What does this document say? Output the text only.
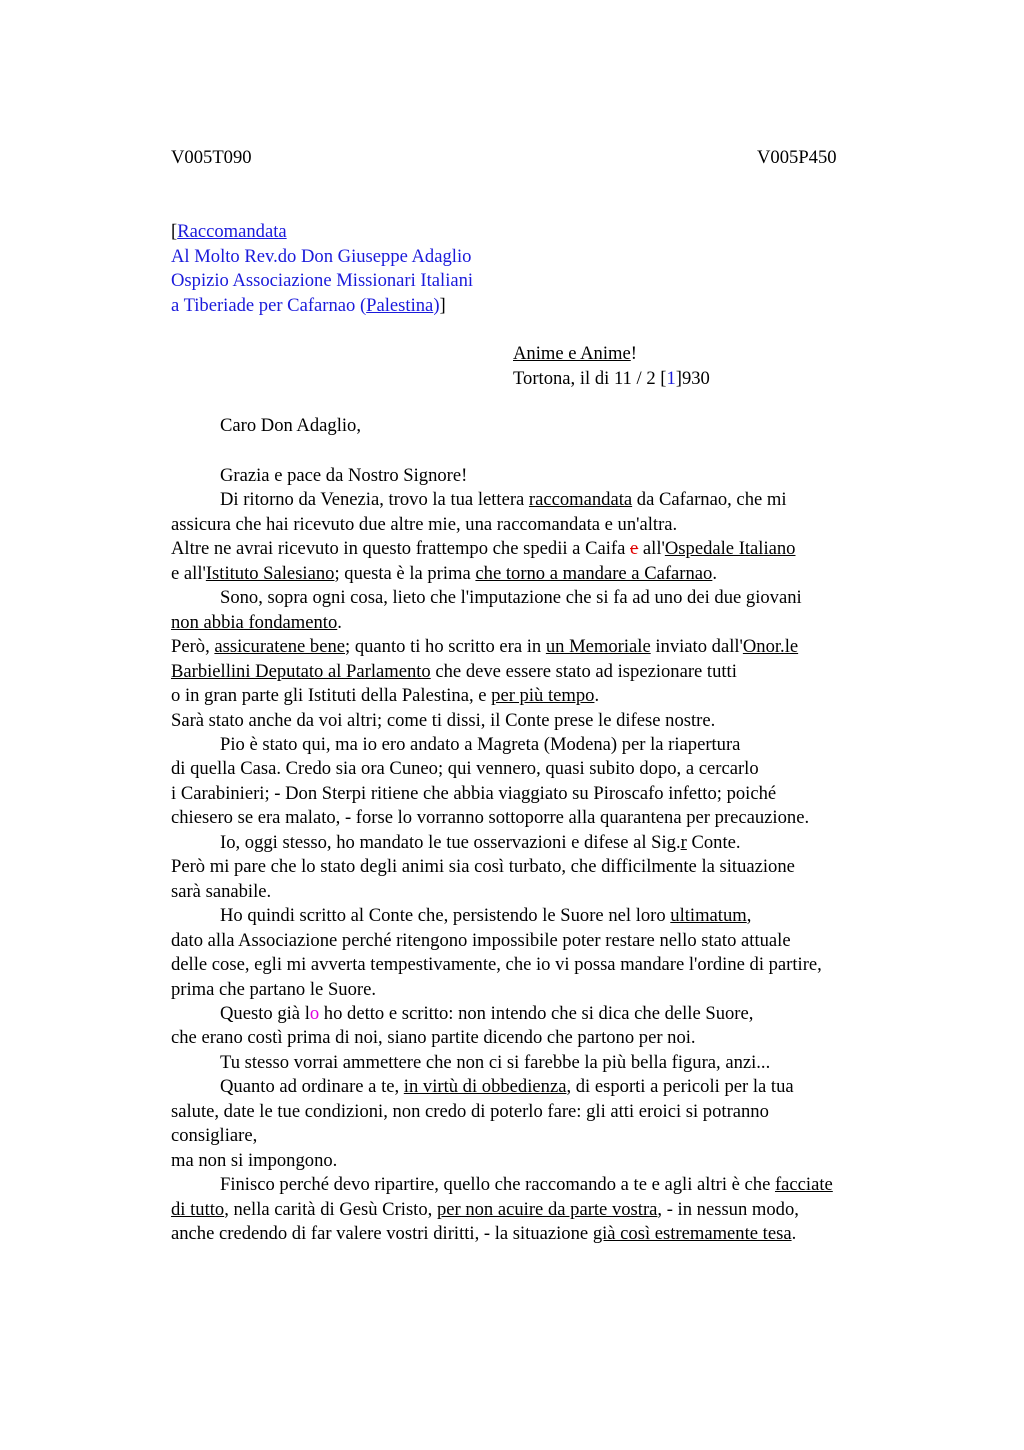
V005T090	V005P450
[Raccomandata
Al Molto Rev.do Don Giuseppe Adaglio
Ospizio Associazione Missionari Italiani
a Tiberiade per Cafarnao (Palestina)]
Anime e Anime!
Tortona, il di 11 / 2 [1]930
Caro Don Adaglio,
Grazia e pace da Nostro Signore!
Di ritorno da Venezia, trovo la tua lettera raccomandata da Cafarnao, che mi
assicura che hai ricevuto due altre mie, una raccomandata e un'altra.
Altre ne avrai ricevuto in questo frattempo che spedii a Caifa e all'Ospedale Italiano
e all'Istituto Salesiano; questa è la prima che torno a mandare a Cafarnao.
Sono, sopra ogni cosa, lieto che l'imputazione che si fa ad uno dei due giovani
non abbia fondamento.
Però, assicuratene bene; quanto ti ho scritto era in un Memoriale inviato dall'Onor.le
Barbiellini Deputato al Parlamento che deve essere stato ad ispezionare tutti
o in gran parte gli Istituti della Palestina, e per più tempo.
Sarà stato anche da voi altri; come ti dissi, il Conte prese le difese nostre.
Pio è stato qui, ma io ero andato a Magreta (Modena) per la riapertura
di quella Casa. Credo sia ora Cuneo; qui vennero, quasi subito dopo, a cercarlo
i Carabinieri; - Don Sterpi ritiene che abbia viaggiato su Piroscafo infetto; poiché
chiesero se era malato, - forse lo vorranno sottoporre alla quarantena per precauzione.
Io, oggi stesso, ho mandato le tue osservazioni e difese al Sig.r Conte.
Però mi pare che lo stato degli animi sia così turbato, che difficilmente la situazione
sarà sanabile.
Ho quindi scritto al Conte che, persistendo le Suore nel loro ultimatum,
dato alla Associazione perché ritengono impossibile poter restare nello stato attuale
delle cose, egli mi avverta tempestivamente, che io vi possa mandare l'ordine di partire,
prima che partano le Suore.
Questo già lo ho detto e scritto: non intendo che si dica che delle Suore,
che erano costì prima di noi, siano partite dicendo che partono per noi.
Tu stesso vorrai ammettere che non ci si farebbe la più bella figura, anzi...
Quanto ad ordinare a te, in virtù di obbedienza, di esporti a pericoli per la tua
salute, date le tue condizioni, non credo di poterlo fare: gli atti eroici si potranno
consigliare,
ma non si impongono.
Finisco perché devo ripartire, quello che raccomando a te e agli altri è che facciate
di tutto, nella carità di Gesù Cristo, per non acuire da parte vostra, - in nessun modo,
anche credendo di far valere vostri diritti, - la situazione già così estremamente tesa.
